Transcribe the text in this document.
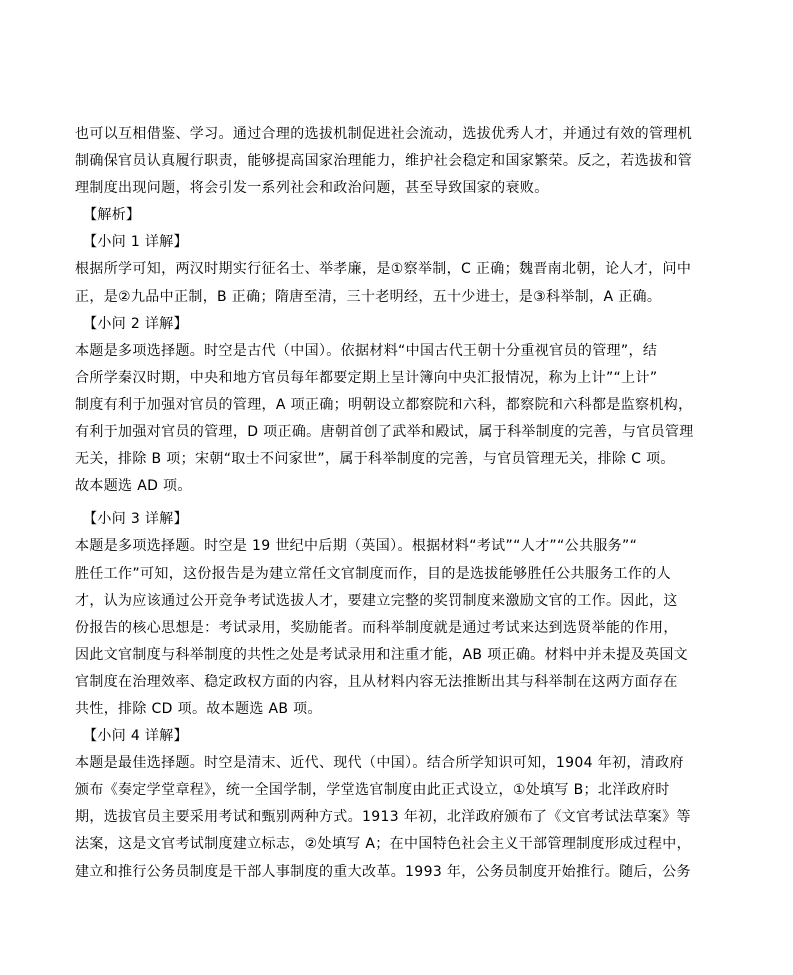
也可以互相借鉴、学习。通过合理的选拔机制促进社会流动，选拔优秀人才，并通过有效的管理机
制确保官员认真履行职责，能够提高国家治理能力，维护社会稳定和国家繁荣。反之，若选拔和管
理制度出现问题，将会引发一系列社会和政治问题，甚至导致国家的衰败。
【解析】
【小问 1 详解】
根据所学可知，两汉时期实行征名士、举孝廉，是①察举制，C 正确；魏晋南北朝，论人才，问中
正，是②九品中正制，B 正确；隋唐至清，三十老明经，五十少进士，是③科举制，A 正确。
【小问 2 详解】
本题是多项选择题。时空是古代（中国）。依据材料“中国古代王朝十分重视官员的管理”，结
合所学秦汉时期，中央和地方官员每年都要定期上呈计簿向中央汇报情况，称为上计”“上计”
制度有利于加强对官员的管理，A 项正确；明朝设立都察院和六科，都察院和六科都是监察机构，
有利于加强对官员的管理，D 项正确。唐朝首创了武举和殿试，属于科举制度的完善，与官员管理
无关，排除 B 项；宋朝“取士不问家世”，属于科举制度的完善，与官员管理无关，排除 C 项。
故本题选 AD 项。
【小问 3 详解】
本题是多项选择题。时空是 19 世纪中后期（英国）。根据材料“考试”“人才”“公共服务”“
胜任工作”可知，这份报告是为建立常任文官制度而作，目的是选拔能够胜任公共服务工作的人
才，认为应该通过公开竞争考试选拔人才，要建立完整的奖罚制度来激励文官的工作。因此，这
份报告的核心思想是：考试录用，奖励能者。而科举制度就是通过考试来达到选贤举能的作用，
因此文官制度与科举制度的共性之处是考试录用和注重才能，AB 项正确。材料中并未提及英国文
官制度在治理效率、稳定政权方面的内容，且从材料内容无法推断出其与科举制在这两方面存在
共性，排除 CD 项。故本题选 AB 项。
【小问 4 详解】
本题是最佳选择题。时空是清末、近代、现代（中国）。结合所学知识可知，1904 年初，清政府
颁布《奏定学堂章程》，统一全国学制，学堂选官制度由此正式设立，①处填写 B；北洋政府时
期，选拔官员主要采用考试和甄别两种方式。1913 年初，北洋政府颁布了《文官考试法草案》等
法案，这是文官考试制度建立标志，②处填写 A；在中国特色社会主义干部管理制度形成过程中，
建立和推行公务员制度是干部人事制度的重大改革。1993 年，公务员制度开始推行。随后，公务
